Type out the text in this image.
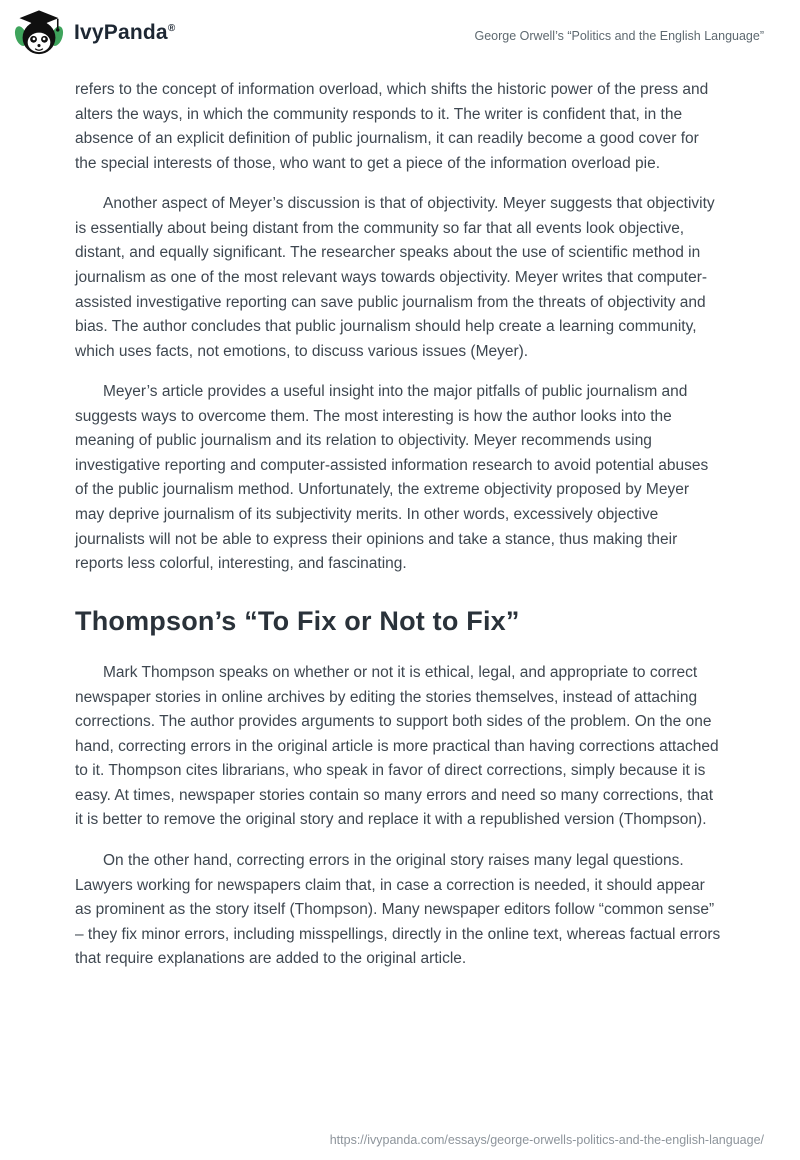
IvyPanda®
George Orwell’s “Politics and the English Language”

refers to the concept of information overload, which shifts the historic power of the press and alters the ways, in which the community responds to it. The writer is confident that, in the absence of an explicit definition of public journalism, it can readily become a good cover for the special interests of those, who want to get a piece of the information overload pie.

Another aspect of Meyer’s discussion is that of objectivity. Meyer suggests that objectivity is essentially about being distant from the community so far that all events look objective, distant, and equally significant. The researcher speaks about the use of scientific method in journalism as one of the most relevant ways towards objectivity. Meyer writes that computer-assisted investigative reporting can save public journalism from the threats of objectivity and bias. The author concludes that public journalism should help create a learning community, which uses facts, not emotions, to discuss various issues (Meyer).

Meyer’s article provides a useful insight into the major pitfalls of public journalism and suggests ways to overcome them. The most interesting is how the author looks into the meaning of public journalism and its relation to objectivity. Meyer recommends using investigative reporting and computer-assisted information research to avoid potential abuses of the public journalism method. Unfortunately, the extreme objectivity proposed by Meyer may deprive journalism of its subjectivity merits. In other words, excessively objective journalists will not be able to express their opinions and take a stance, thus making their reports less colorful, interesting, and fascinating.

Thompson’s “To Fix or Not to Fix”

Mark Thompson speaks on whether or not it is ethical, legal, and appropriate to correct newspaper stories in online archives by editing the stories themselves, instead of attaching corrections. The author provides arguments to support both sides of the problem. On the one hand, correcting errors in the original article is more practical than having corrections attached to it. Thompson cites librarians, who speak in favor of direct corrections, simply because it is easy. At times, newspaper stories contain so many errors and need so many corrections, that it is better to remove the original story and replace it with a republished version (Thompson).

On the other hand, correcting errors in the original story raises many legal questions. Lawyers working for newspapers claim that, in case a correction is needed, it should appear as prominent as the story itself (Thompson). Many newspaper editors follow “common sense” – they fix minor errors, including misspellings, directly in the online text, whereas factual errors that require explanations are added to the original article.

https://ivypanda.com/essays/george-orwells-politics-and-the-english-language/
